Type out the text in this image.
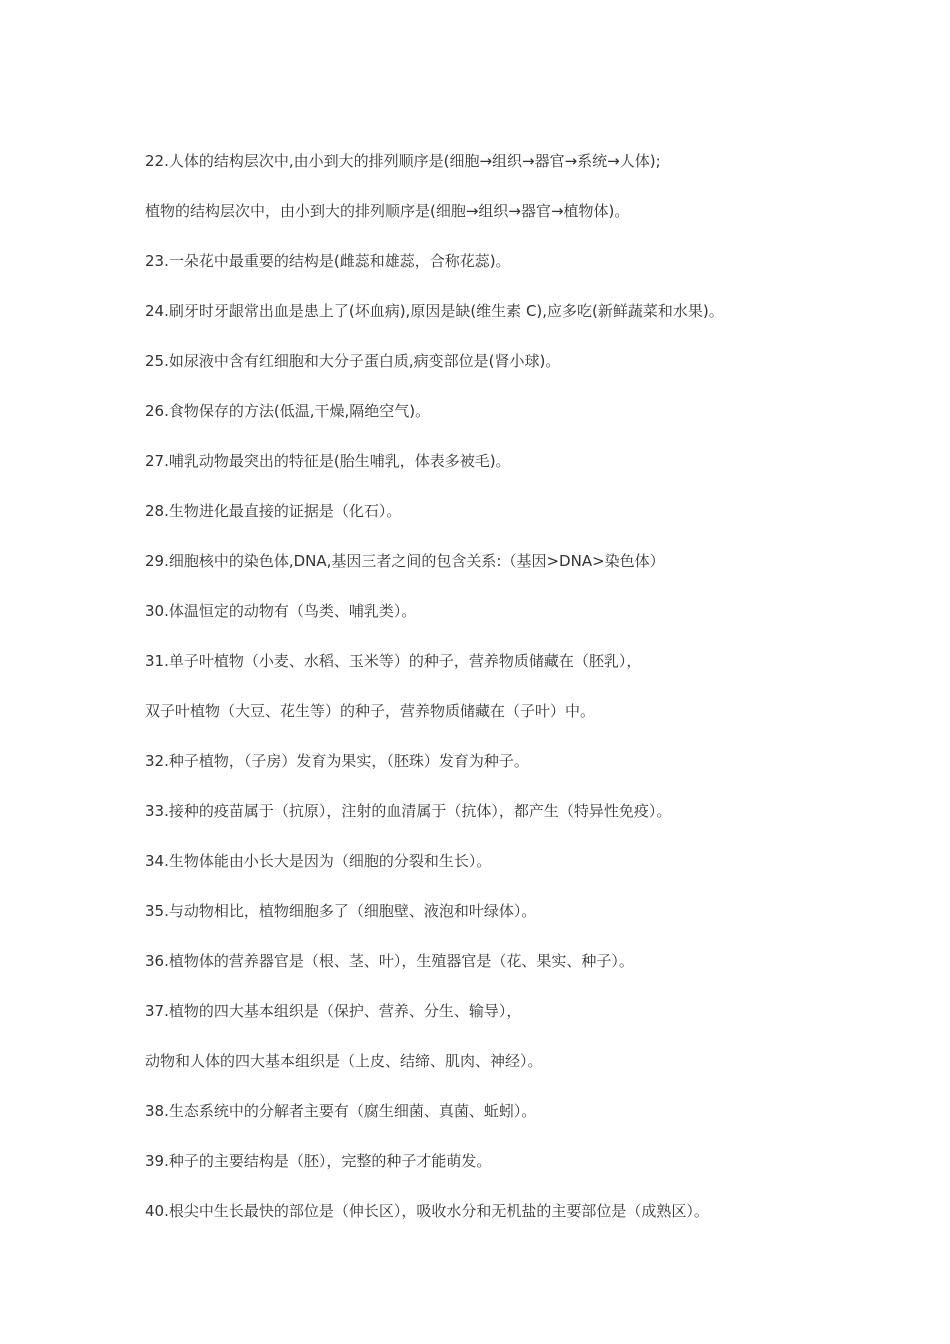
22.人体的结构层次中,由小到大的排列顺序是(细胞→组织→器官→系统→人体);
植物的结构层次中，由小到大的排列顺序是(细胞→组织→器官→植物体)。
23.一朵花中最重要的结构是(雌蕊和雄蕊，合称花蕊)。
24.刷牙时牙龈常出血是患上了(坏血病),原因是缺(维生素 C),应多吃(新鲜蔬菜和水果)。
25.如尿液中含有红细胞和大分子蛋白质,病变部位是(肾小球)。
26.食物保存的方法(低温,干燥,隔绝空气)。
27.哺乳动物最突出的特征是(胎生哺乳，体表多被毛)。
28.生物进化最直接的证据是（化石）。
29.细胞核中的染色体,DNA,基因三者之间的包含关系:（基因>DNA>染色体）
30.体温恒定的动物有（鸟类、哺乳类）。
31.单子叶植物（小麦、水稻、玉米等）的种子，营养物质储藏在（胚乳），
双子叶植物（大豆、花生等）的种子，营养物质储藏在（子叶）中。
32.种子植物，（子房）发育为果实，（胚珠）发育为种子。
33.接种的疫苗属于（抗原），注射的血清属于（抗体），都产生（特异性免疫）。
34.生物体能由小长大是因为（细胞的分裂和生长）。
35.与动物相比，植物细胞多了（细胞壁、液泡和叶绿体）。
36.植物体的营养器官是（根、茎、叶），生殖器官是（花、果实、种子）。
37.植物的四大基本组织是（保护、营养、分生、输导），
动物和人体的四大基本组织是（上皮、结缔、肌肉、神经）。
38.生态系统中的分解者主要有（腐生细菌、真菌、蚯蚓）。
39.种子的主要结构是（胚），完整的种子才能萌发。
40.根尖中生长最快的部位是（伸长区），吸收水分和无机盐的主要部位是（成熟区）。
